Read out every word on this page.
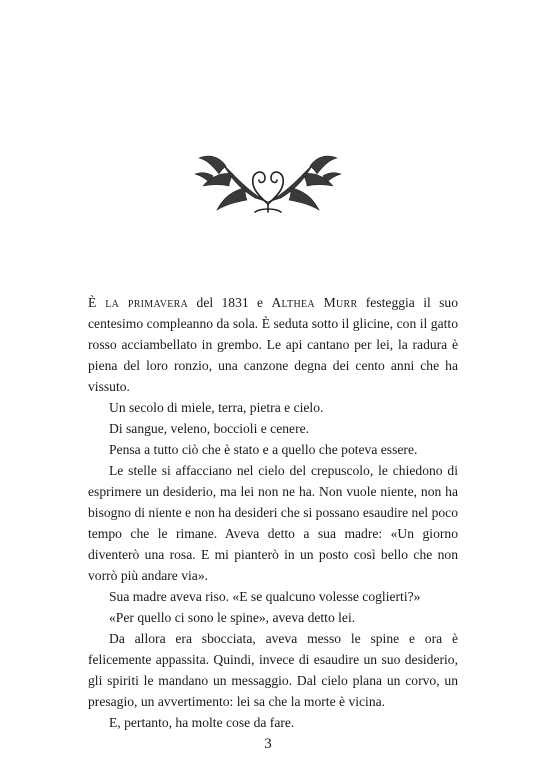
È la primavera del 1831 e Althea Murr festeggia il suo centesimo compleanno da sola. È seduta sotto il glicine, con il gatto rosso acciambellato in grembo. Le api cantano per lei, la radura è piena del loro ronzio, una canzone degna dei cento anni che ha vissuto.

Un secolo di miele, terra, pietra e cielo.

Di sangue, veleno, boccioli e cenere.

Pensa a tutto ciò che è stato e a quello che poteva essere.

Le stelle si affacciano nel cielo del crepuscolo, le chiedono di esprimere un desiderio, ma lei non ne ha. Non vuole niente, non ha bisogno di niente e non ha desideri che si possano esaudire nel poco tempo che le rimane. Aveva detto a sua madre: «Un giorno diventerò una rosa. E mi pianterò in un posto così bello che non vorrò più andare via».

Sua madre aveva riso. «E se qualcuno volesse coglierti?»

«Per quello ci sono le spine», aveva detto lei.

Da allora era sbocciata, aveva messo le spine e ora è felicemente appassita. Quindi, invece di esaudire un suo desiderio, gli spiriti le mandano un messaggio. Dal cielo plana un corvo, un presagio, un avvertimento: lei sa che la morte è vicina.

E, pertanto, ha molte cose da fare.

3
